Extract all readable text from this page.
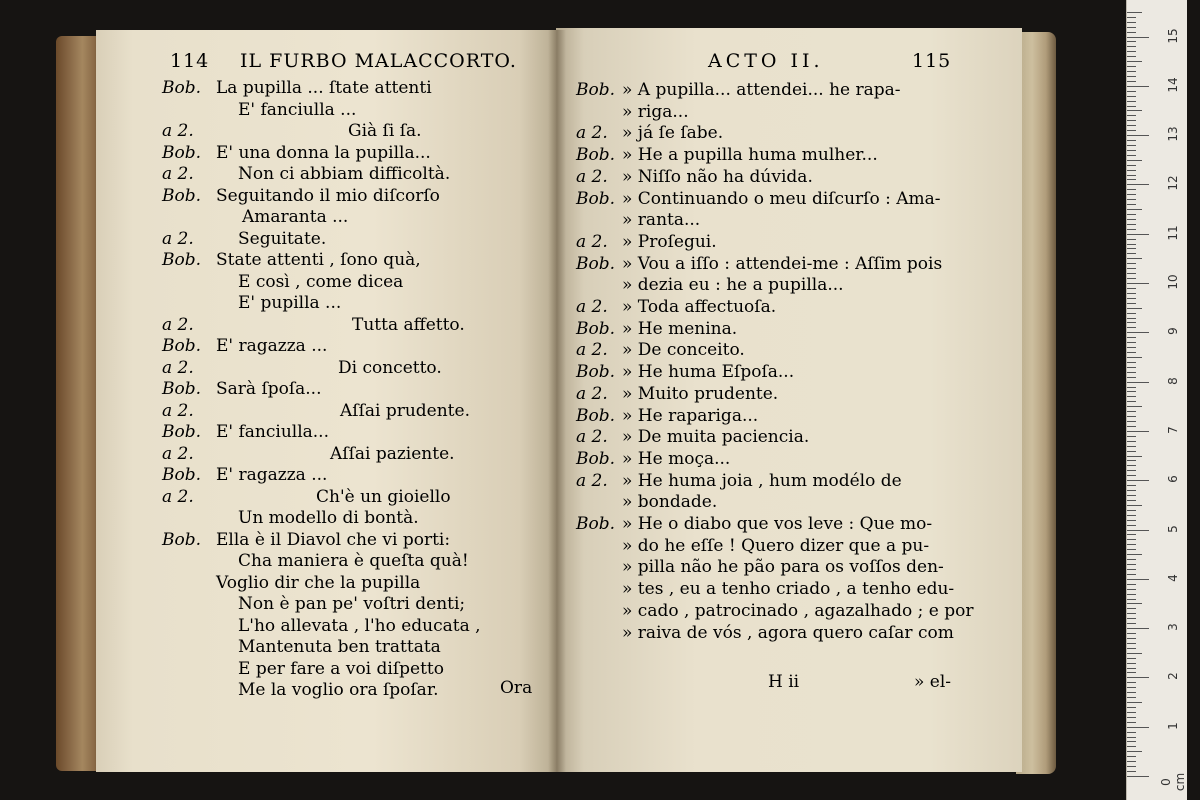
114 IL FURBO MALACCORTO.	ACTO II.	115
Bob. La pupilla ... ſtate attenti
E' fanciulla ...
a 2.	Già ſi ſa.
Bob. E' una donna la pupilla...
a 2.	Non ci abbiam difficoltà.
Bob. Seguitando il mio diſcorſo
Amaranta ...
a 2.	Seguitate.
Bob. State attenti , ſono quà,
E così , come dicea
E' pupilla ...
a 2.	Tutta affetto.
Bob. E' ragazza ...
a 2.	Di concetto.
Bob. Sarà ſpoſa...
a 2.	Aſſai prudente.
Bob. E' fanciulla...
a 2.	Aſſai paziente.
Bob. E' ragazza ...
a 2.	Ch'è un gioiello
Un modello di bontà.
Bob. Ella è il Diavol che vi porti:
Cha maniera è queſta quà!
Voglio dir che la pupilla
Non è pan pe' voſtri denti;
L'ho allevata , l'ho educata ,
Mantenuta ben trattata
E per fare a voi diſpetto
Me la voglio ora ſpoſar.
Bob. » A pupilla... attendei... he rapa-
» riga...
a 2. » já ſe ſabe.
Bob. » He a pupilla huma mulher...
a 2. » Niſſo não ha dúvida.
Bob. » Continuando o meu diſcurſo : Ama-
» ranta...
a 2. » Proſegui.
Bob. » Vou a iſſo : attendei-me : Aſſim pois
» dezia eu : he a pupilla...
a 2. » Toda affectuoſa.
Bob. » He menina.
a 2. » De conceito.
Bob. » He huma Eſpoſa...
a 2. » Muito prudente.
Bob. » He rapariga...
a 2. » De muita paciencia.
Bob. » He moça...
a 2. » He huma joia , hum modélo de
» bondade.
Bob. » He o diabo que vos leve : Que mo-
» do he eſſe ! Quero dizer que a pu-
» pilla não he pão para os voſſos den-
» tes , eu a tenho criado , a tenho edu-
» cado , patrocinado , agazalhado ; e por
» raiva de vós , agora quero caſar com
Ora	H ii	» el-
0 cm
1
2
3
4
5
6
7
8
9
10
11
12
13
14
15
